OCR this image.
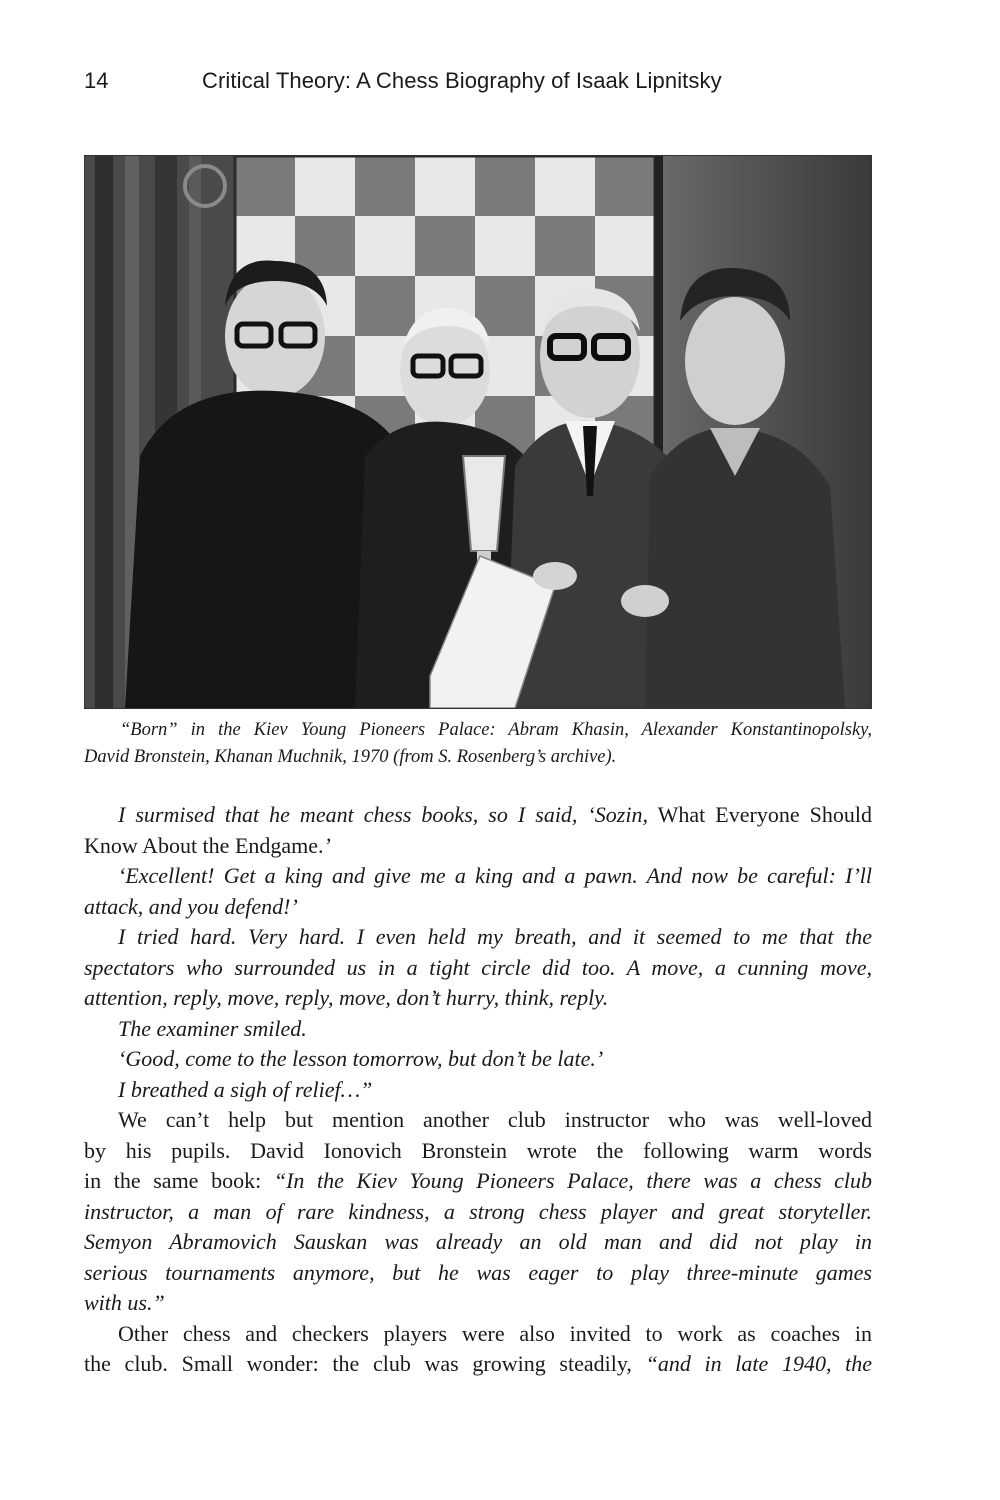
14	Critical Theory: A Chess Biography of Isaak Lipnitsky
“Born” in the Kiev Young Pioneers Palace: Abram Khasin, Alexander Konstantinopolsky,
David Bronstein, Khanan Muchnik, 1970 (from S. Rosenberg’s archive).
I surmised that he meant chess books, so I said, ‘Sozin, What Everyone Should
Know About the Endgame.’
‘Excellent! Get a king and give me a king and a pawn. And now be careful: I’ll
attack, and you defend!’
I tried hard. Very hard. I even held my breath, and it seemed to me that the
spectators who surrounded us in a tight circle did too. A move, a cunning move,
attention, reply, move, reply, move, don’t hurry, think, reply.
The examiner smiled.
‘Good, come to the lesson tomorrow, but don’t be late.’
I breathed a sigh of relief…”
We can’t help but mention another club instructor who was well-loved
by his pupils. David Ionovich Bronstein wrote the following warm words
in the same book: “In the Kiev Young Pioneers Palace, there was a chess club
instructor, a man of rare kindness, a strong chess player and great storyteller.
Semyon Abramovich Sauskan was already an old man and did not play in
serious tournaments anymore, but he was eager to play three-minute games
with us.”
Other chess and checkers players were also invited to work as coaches in
the club. Small wonder: the club was growing steadily, “and in late 1940, the
